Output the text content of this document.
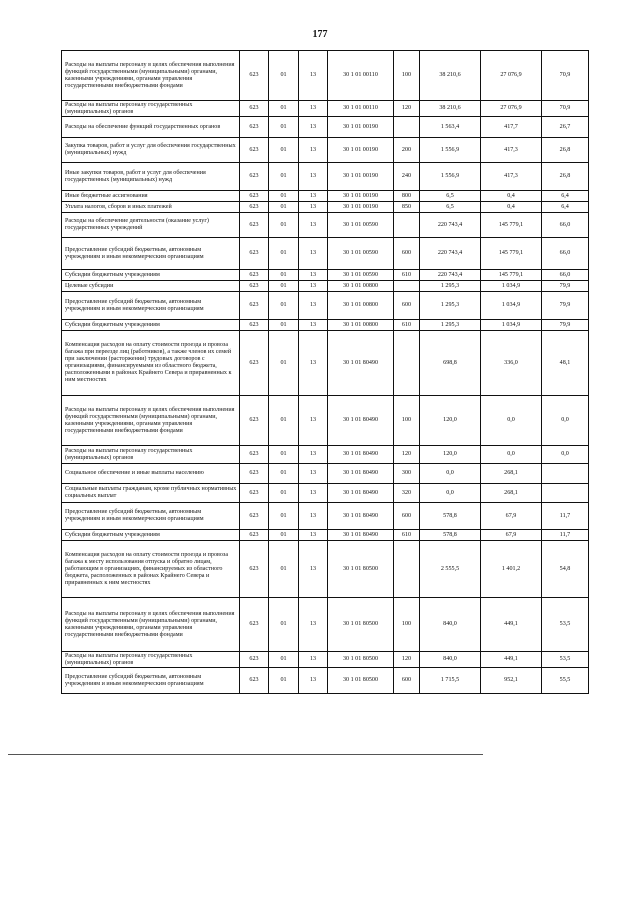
177
Расходы на выплаты персоналу в целях обеспечения выполнения функций государственными (муниципальными) органами, казенными учреждениями, органами управления государственными внебюджетными фондами	623	01	13	30 1 01 00110	100	38 210,6	27 076,9	70,9
Расходы на выплаты персоналу государственных (муниципальных) органов	623	01	13	30 1 01 00110	120	38 210,6	27 076,9	70,9
Расходы на обеспечение функций государственных органов	623	01	13	30 1 01 00190		1 563,4	417,7	26,7
Закупка товаров, работ и услуг для обеспечения государственных (муниципальных) нужд	623	01	13	30 1 01 00190	200	1 556,9	417,3	26,8
Иные закупки товаров, работ и услуг для обеспечения государственных (муниципальных) нужд	623	01	13	30 1 01 00190	240	1 556,9	417,3	26,8
Иные бюджетные ассигнования	623	01	13	30 1 01 00190	800	6,5	0,4	6,4
Уплата налогов, сборов и иных платежей	623	01	13	30 1 01 00190	850	6,5	0,4	6,4
Расходы на обеспечение деятельности (оказание услуг) государственных учреждений	623	01	13	30 1 01 00590		220 743,4	145 779,1	66,0
Предоставление субсидий бюджетным, автономным учреждениям и иным некоммерческим организациям	623	01	13	30 1 01 00590	600	220 743,4	145 779,1	66,0
Субсидии бюджетным учреждениям	623	01	13	30 1 01 00590	610	220 743,4	145 779,1	66,0
Целевые субсидии	623	01	13	30 1 01 00800		1 295,3	1 034,9	79,9
Предоставление субсидий бюджетным, автономным учреждениям и иным некоммерческим организациям	623	01	13	30 1 01 00800	600	1 295,3	1 034,9	79,9
Субсидии бюджетным учреждениям	623	01	13	30 1 01 00800	610	1 295,3	1 034,9	79,9
Компенсация расходов на оплату стоимости проезда и провоза багажа при переезде лиц (работников), а также членов их семей при заключении (расторжении) трудовых договоров с организациями, финансируемыми из областного бюджета, расположенными в районах Крайнего Севера и приравненных к ним местностях	623	01	13	30 1 01 80490		698,8	336,0	48,1
Расходы на выплаты персоналу в целях обеспечения выполнения функций государственными (муниципальными) органами, казенными учреждениями, органами управления государственными внебюджетными фондами	623	01	13	30 1 01 80490	100	120,0	0,0	0,0
Расходы на выплаты персоналу государственных (муниципальных) органов	623	01	13	30 1 01 80490	120	120,0	0,0	0,0
Социальное обеспечение и иные выплаты населению	623	01	13	30 1 01 80490	300	0,0	268,1	
Социальные выплаты гражданам, кроме публичных нормативных социальных выплат	623	01	13	30 1 01 80490	320	0,0	268,1	
Предоставление субсидий бюджетным, автономным учреждениям и иным некоммерческим организациям	623	01	13	30 1 01 80490	600	578,8	67,9	11,7
Субсидии бюджетным учреждениям	623	01	13	30 1 01 80490	610	578,8	67,9	11,7
Компенсация расходов на оплату стоимости проезда и провоза багажа к месту использования отпуска и обратно лицам, работающим в организациях, финансируемых из областного бюджета, расположенных в районах Крайнего Севера и приравненных к ним местностях	623	01	13	30 1 01 80500		2 555,5	1 401,2	54,8
Расходы на выплаты персоналу в целях обеспечения выполнения функций государственными (муниципальными) органами, казенными учреждениями, органами управления государственными внебюджетными фондами	623	01	13	30 1 01 80500	100	840,0	449,1	53,5
Расходы на выплаты персоналу государственных (муниципальных) органов	623	01	13	30 1 01 80500	120	840,0	449,1	53,5
Предоставление субсидий бюджетным, автономным учреждениям и иным некоммерческим организациям	623	01	13	30 1 01 80500	600	1 715,5	952,1	55,5
